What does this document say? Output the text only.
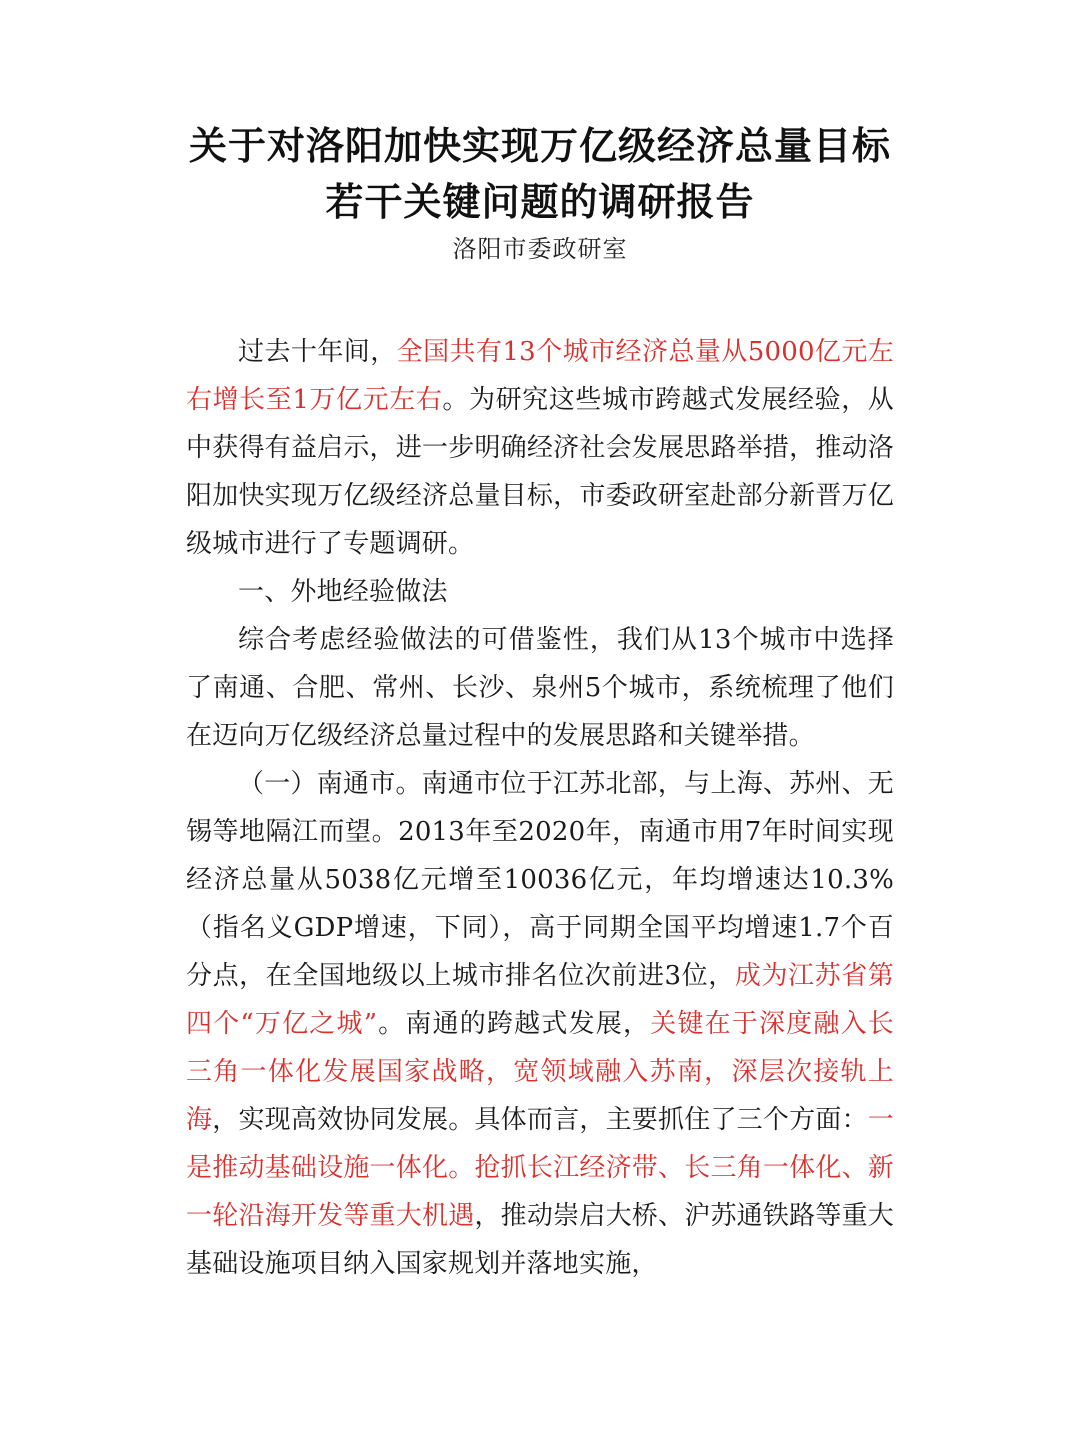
关于对洛阳加快实现万亿级经济总量目标
若干关键问题的调研报告
洛阳市委政研室

过去十年间，全国共有13个城市经济总量从5000亿元左右增长至1万亿元左右。为研究这些城市跨越式发展经验，从中获得有益启示，进一步明确经济社会发展思路举措，推动洛阳加快实现万亿级经济总量目标，市委政研室赴部分新晋万亿级城市进行了专题调研。

一、外地经验做法

综合考虑经验做法的可借鉴性，我们从13个城市中选择了南通、合肥、常州、长沙、泉州5个城市，系统梳理了他们在迈向万亿级经济总量过程中的发展思路和关键举措。

（一）南通市。南通市位于江苏北部，与上海、苏州、无锡等地隔江而望。2013年至2020年，南通市用7年时间实现经济总量从5038亿元增至10036亿元，年均增速达10.3%（指名义GDP增速，下同），高于同期全国平均增速1.7个百分点，在全国地级以上城市排名位次前进3位，成为江苏省第四个“万亿之城”。南通的跨越式发展，关键在于深度融入长三角一体化发展国家战略，宽领域融入苏南，深层次接轨上海，实现高效协同发展。具体而言，主要抓住了三个方面：一是推动基础设施一体化。抢抓长江经济带、长三角一体化、新一轮沿海开发等重大机遇，推动崇启大桥、沪苏通铁路等重大基础设施项目纳入国家规划并落地实施，
